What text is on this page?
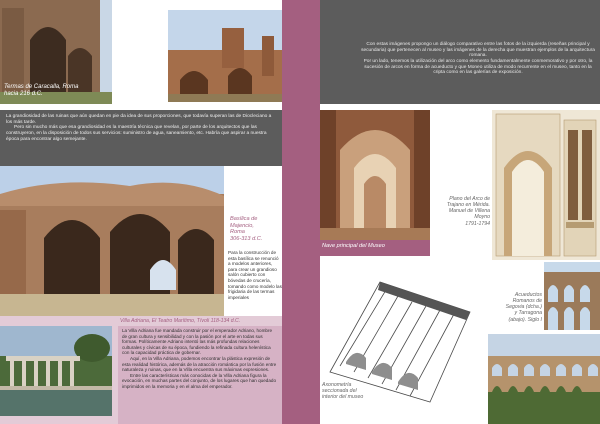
Termas de Caracalla, Roma
hacia 216 d.C.

La grandiosidad de las ruinas que aún quedan en pie da idea de sus proporciones, que todavía superan las de Diocleciano a los más tarde.

Pero sin mucho más que esa grandiosidad es la maestría técnica que revelan, por parte de los arquitectos que las construyeron, en la disposición de todos sus servicios: suministro de agua, saneamiento, etc. Habría que aspirar a nuestra época para encontrar algo semejante.

Basílica de
Majencio,
Roma
306-313 d.C.
Para la construcción de esta basílica se renunció a modelos anteriores, para crear un grandioso salón cubierto con bóvedas de crucería, tomando como modelo las frigidaria de las termas imperiales
Villa Adriana, El Teatro Marítimo, Tívoli 118-134 d.C.

La Villa Adriana fue mandada construir por el emperador Adriano, hombre de gran cultura y sensibilidad y con la pasión por el arte en todas sus formas. Políticamente Adriano intentó las más profundas relaciones culturales y cívicas de su época, fundiendo la refinada cultura helenística con la capacidad práctica de gobernar.

Aquí, en la Villa Adriana, podemos encontrar la plástica expresión de esta realidad histórica, además de la atracción romántica por la fusión entre naturaleza y ruinas, que en la Villa encuentra sus máximas expresiones.

Entre las características más conocidas de la Villa Adriana figura la evocación, en muchas partes del conjunto, de los lugares que han quedado imprimidos en la memoria y en el alma del emperador.

Con estas imágenes propongo un diálogo comparativo entre las fotos de la izquierda (reseñas principal y secundaria) que pertenecen al museo y las imágenes de la derecha que muestran ejemplos de la arquitectura romana.

Por un lado, tenemos la utilización del arco como elemento fundamentalmente conmemorativo y por otro, la sucesión de arcos en forma de acueducto y que Moneo utiliza de modo recurrente en el museo, tanto en la cripta como en las galerías de exposición.

Nave principal del Museo
Plano del Arco de
Trajano en Mérida.
Manuel de Villena
Moyno
1791-1794
Axonometría
seccionada del
interior del museo
Acueductos
Romanos de
Segovia (dcha.)
y Tarragona
(abajo). Siglo I
